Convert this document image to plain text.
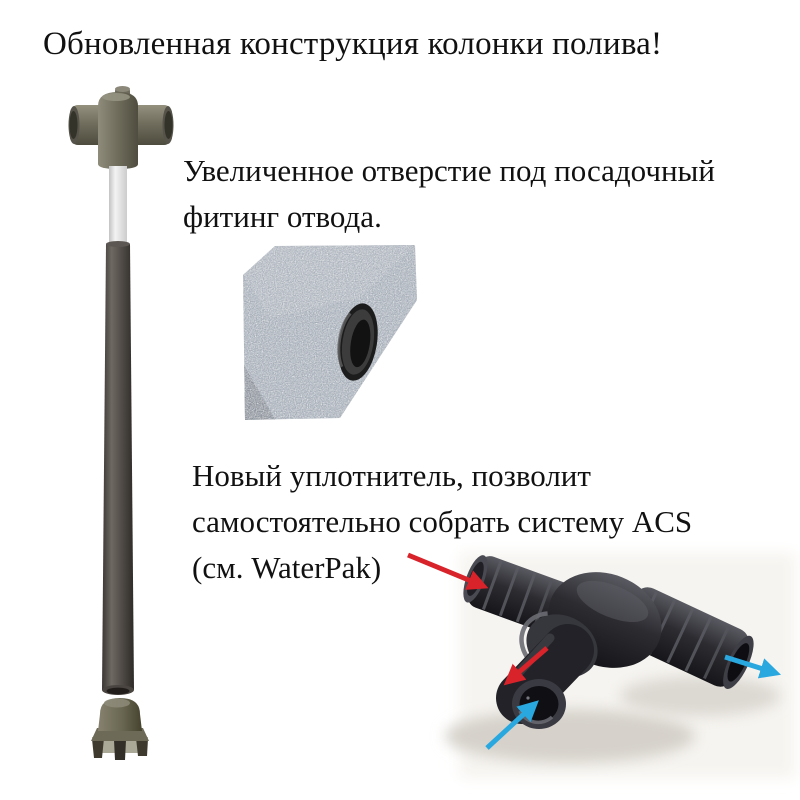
Обновленная конструкция колонки полива!
Увеличенное отверстие под посадочный
фитинг отвода.
Новый уплотнитель, позволит
самостоятельно собрать систему ACS
(см. WaterPak)
